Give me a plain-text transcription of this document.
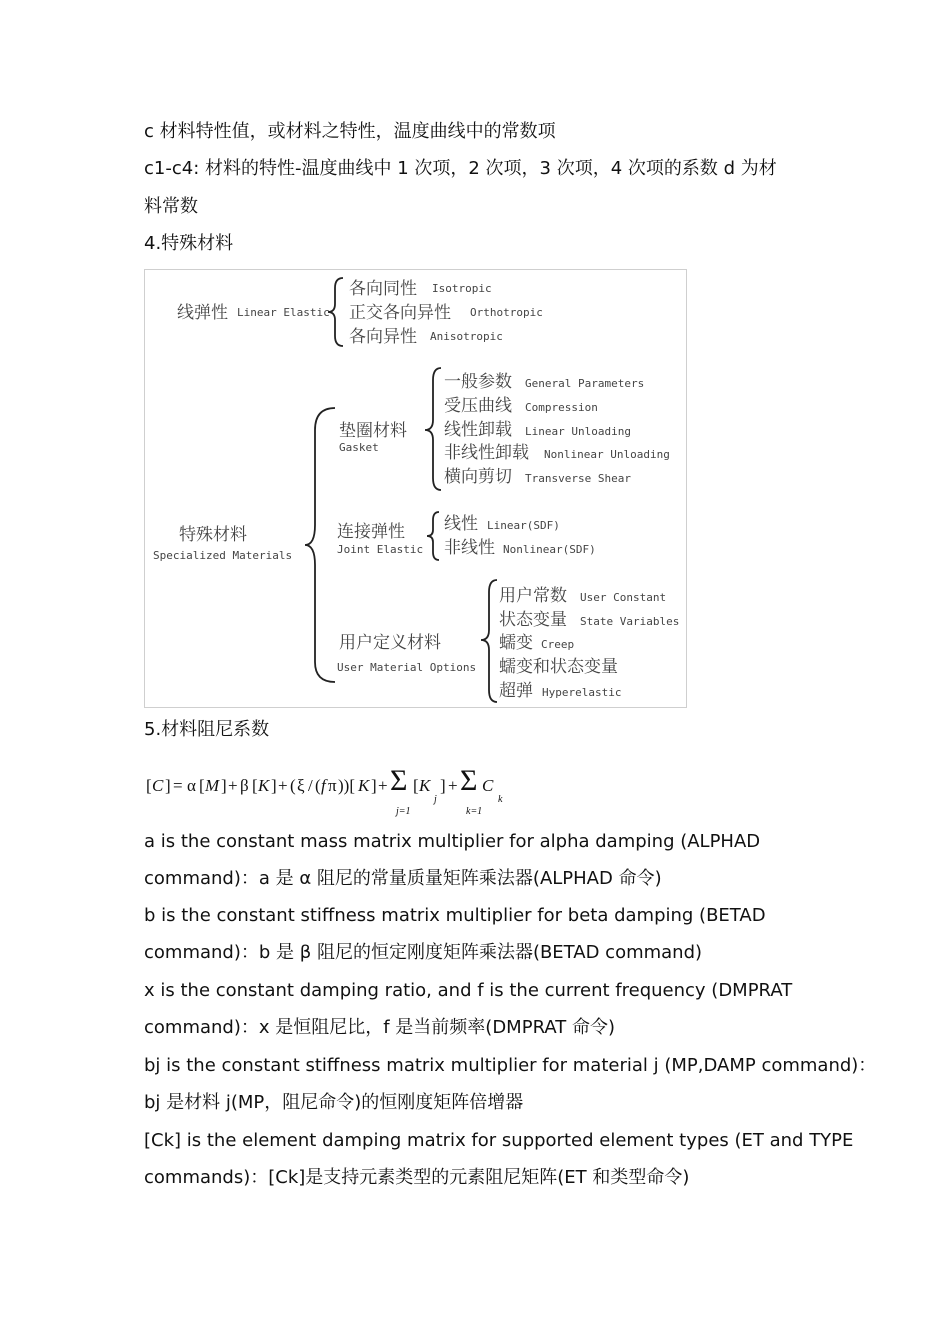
c 材料特性值，或材料之特性，温度曲线中的常数项
c1-c4: 材料的特性-温度曲线中 1 次项，2 次项，3 次项，4 次项的系数 d 为材
料常数
4.特殊材料
线弹性 Linear Elastic
各向同性 Isotropic
正交各向异性 Orthotropic
各向异性 Anisotropic
特殊材料
Specialized Materials
垫圈材料
Gasket
一般参数 General Parameters
受压曲线 Compression
线性卸载 Linear Unloading
非线性卸载 Nonlinear Unloading
横向剪切 Transverse Shear
连接弹性
Joint Elastic
线性 Linear(SDF)
非线性 Nonlinear(SDF)
用户定义材料
User Material Options
用户常数 User Constant
状态变量 State Variables
蠕变 Creep
蠕变和状态变量
超弹 Hyperelastic
5.材料阻尼系数
[ C ] = α [ M ] + β [ K ] + ( ξ / ( f π ))[ K ] + Σ
j=1
[ K
j
] + Σ
k=1
C
k
a is the constant mass matrix multiplier for alpha damping (ALPHAD
command)：a 是 α 阻尼的常量质量矩阵乘法器(ALPHAD 命令)
b is the constant stiffness matrix multiplier for beta damping (BETAD
command)：b 是 β 阻尼的恒定刚度矩阵乘法器(BETAD command)
x is the constant damping ratio, and f is the current frequency (DMPRAT
command)：x 是恒阻尼比，f 是当前频率(DMPRAT 命令)
bj is the constant stiffness matrix multiplier for material j (MP,DAMP command)：
bj 是材料 j(MP，阻尼命令)的恒刚度矩阵倍增器
[Ck] is the element damping matrix for supported element types (ET and TYPE
commands)：[Ck]是支持元素类型的元素阻尼矩阵(ET 和类型命令)
